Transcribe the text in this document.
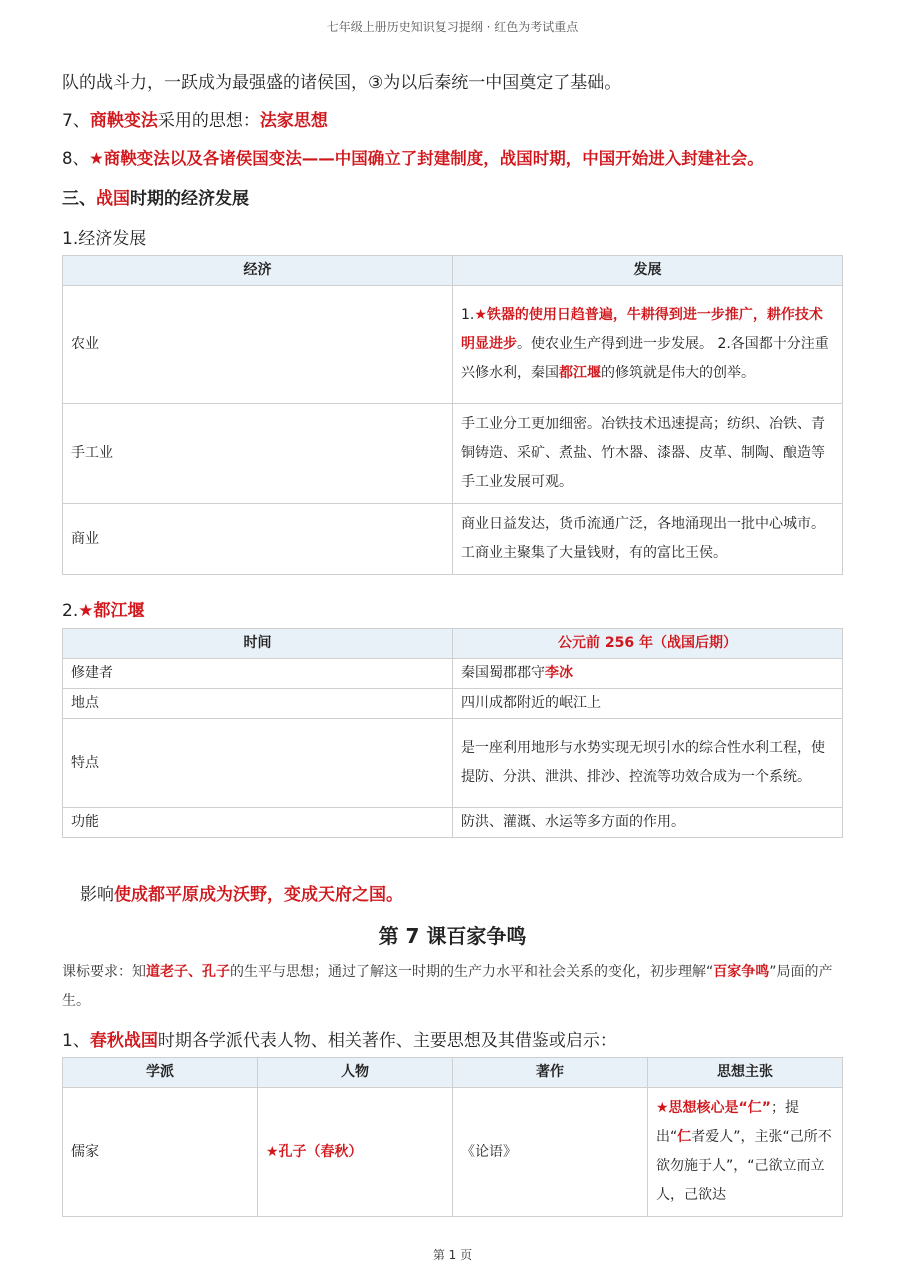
七年级上册历史知识复习提纲 · 红色为考试重点
队的战斗力，一跃成为最强盛的诸侯国，③为以后秦统一中国奠定了基础。
7、商鞅变法采用的思想：法家思想
8、★商鞅变法以及各诸侯国变法——中国确立了封建制度，战国时期，中国开始进入封建社会。
三、战国时期的经济发展
1.经济发展
经济	发展
农业	1.★铁器的使用日趋普遍，牛耕得到进一步推广，耕作技术明显进步。使农业生产得到进一步发展。 2.各国都十分注重兴修水利，秦国都江堰的修筑就是伟大的创举。
手工业	手工业分工更加细密。冶铁技术迅速提高；纺织、冶铁、青铜铸造、采矿、煮盐、竹木器、漆器、皮革、制陶、酿造等手工业发展可观。
商业	商业日益发达，货币流通广泛，各地涌现出一批中心城市。工商业主聚集了大量钱财，有的富比王侯。
2.★都江堰
时间	公元前 256 年（战国后期）
修建者	秦国蜀郡郡守李冰
地点	四川成都附近的岷江上
特点	是一座利用地形与水势实现无坝引水的综合性水利工程，使提防、分洪、泄洪、排沙、控流等功效合成为一个系统。
功能	防洪、灌溉、水运等多方面的作用。
影响使成都平原成为沃野，变成天府之国。
第 7 课百家争鸣
课标要求：知道老子、孔子的生平与思想；通过了解这一时期的生产力水平和社会关系的变化，初步理解“百家争鸣”局面的产生。
1、春秋战国时期各学派代表人物、相关著作、主要思想及其借鉴或启示：
学派	人物	著作	思想主张
儒家	★孔子（春秋）	《论语》	★思想核心是“仁”；提出“仁者爱人”，主张“己所不欲勿施于人”，“己欲立而立人，己欲达
第 1 页
